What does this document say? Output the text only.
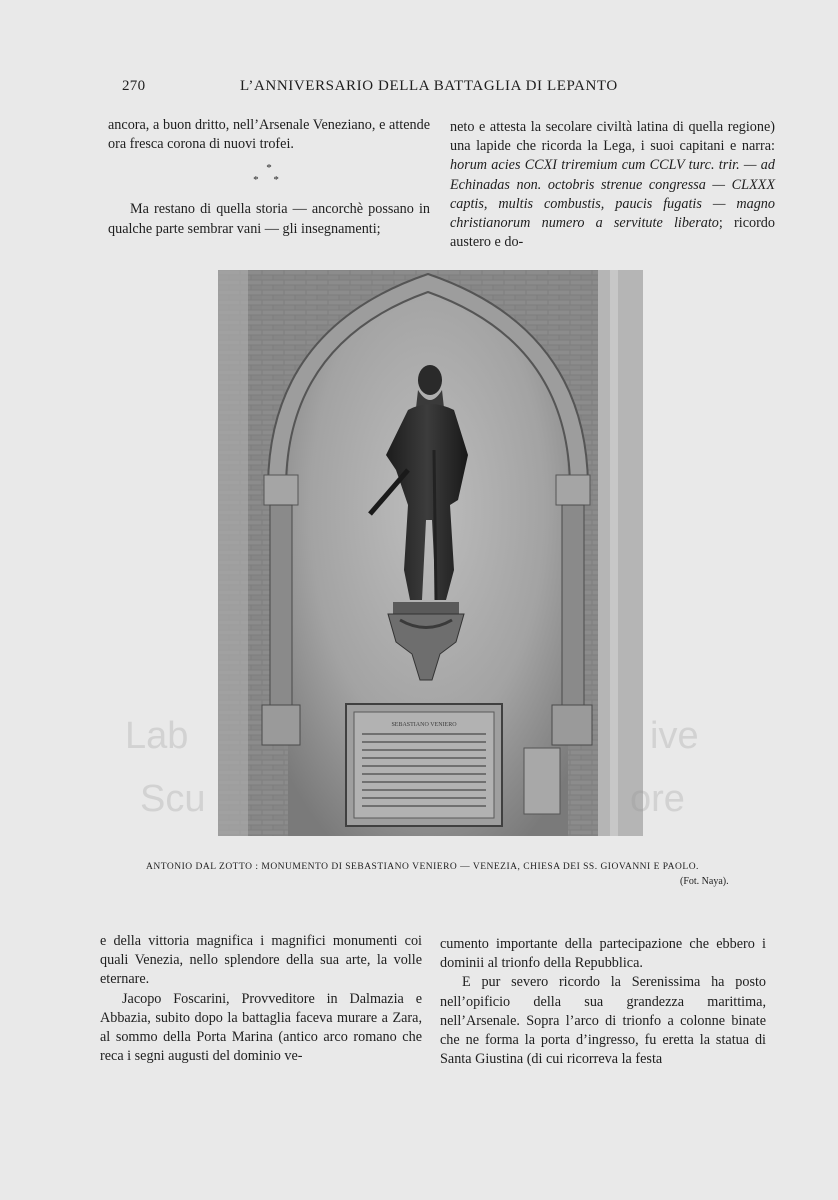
270	L’ANNIVERSARIO DELLA BATTAGLIA DI LEPANTO

ancora, a buon dritto, nell’Arsenale Veneziano, e attende ora fresca corona di nuovi trofei.

*
* *

Ma restano di quella storia — ancorchè possano in qualche parte sembrar vani — gli insegnamenti;

neto e attesta la secolare civiltà latina di quella regione) una lapide che ricorda la Lega, i suoi capitani e narra: horum acies CCXI triremium cum CCLV turc. trir. — ad Echinadas non. octobris strenue congressa — CLXXX captis, multis combustis, paucis fugatis — magno christianorum numero a servitute liberato; ricordo austero e do-

SEBASTIANO VENIERO
ANTONIO DAL ZOTTO : MONUMENTO DI SEBASTIANO VENIERO — VENEZIA, CHIESA DEI SS. GIOVANNI E PAOLO.
(Fot. Naya).

e della vittoria magnifica i magnifici monumenti coi quali Venezia, nello splendore della sua arte, la volle eternare.

Jacopo Foscarini, Provveditore in Dalmazia e Abbazia, subito dopo la battaglia faceva murare a Zara, al sommo della Porta Marina (antico arco romano che reca i segni augusti del dominio ve-

cumento importante della partecipazione che ebbero i dominii al trionfo della Repubblica.

E pur severo ricordo la Serenissima ha posto nell’opificio della sua grandezza marittima, nell’Arsenale. Sopra l’arco di trionfo a colonne binate che ne forma la porta d’ingresso, fu eretta la statua di Santa Giustina (di cui ricorreva la festa

Lab	ive
Scu	ore
